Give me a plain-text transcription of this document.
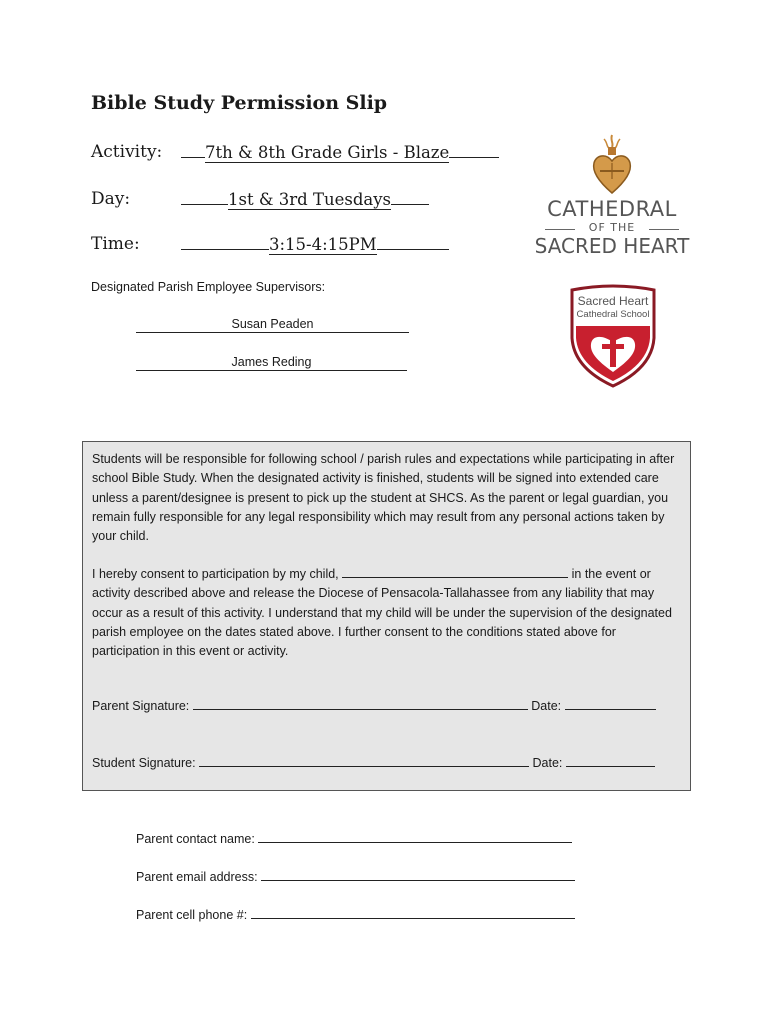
Bible Study Permission Slip
Activity:	7th & 8th Grade Girls - Blaze
Day:	1st & 3rd Tuesdays
Time:	3:15-4:15PM
Designated Parish Employee Supervisors:
Susan Peaden
James Reding
CATHEDRAL
OF THE
SACRED HEART
Sacred Heart
Cathedral School
Students will be responsible for following school / parish rules and expectations while participating in after school Bible Study. When the designated activity is finished, students will be signed into extended care unless a parent/designee is present to pick up the student at SHCS. As the parent or legal guardian, you remain fully responsible for any legal responsibility which may result from any personal actions taken by your child.
I hereby consent to participation by my child,	in the event or activity described above and release the Diocese of Pensacola-Tallahassee from any liability that may occur as a result of this activity. I understand that my child will be under the supervision of the designated parish employee on the dates stated above. I further consent to the conditions stated above for participation in this event or activity.
Parent Signature:	Date:
Student Signature:	Date:
Parent contact name:
Parent email address:
Parent cell phone #:
